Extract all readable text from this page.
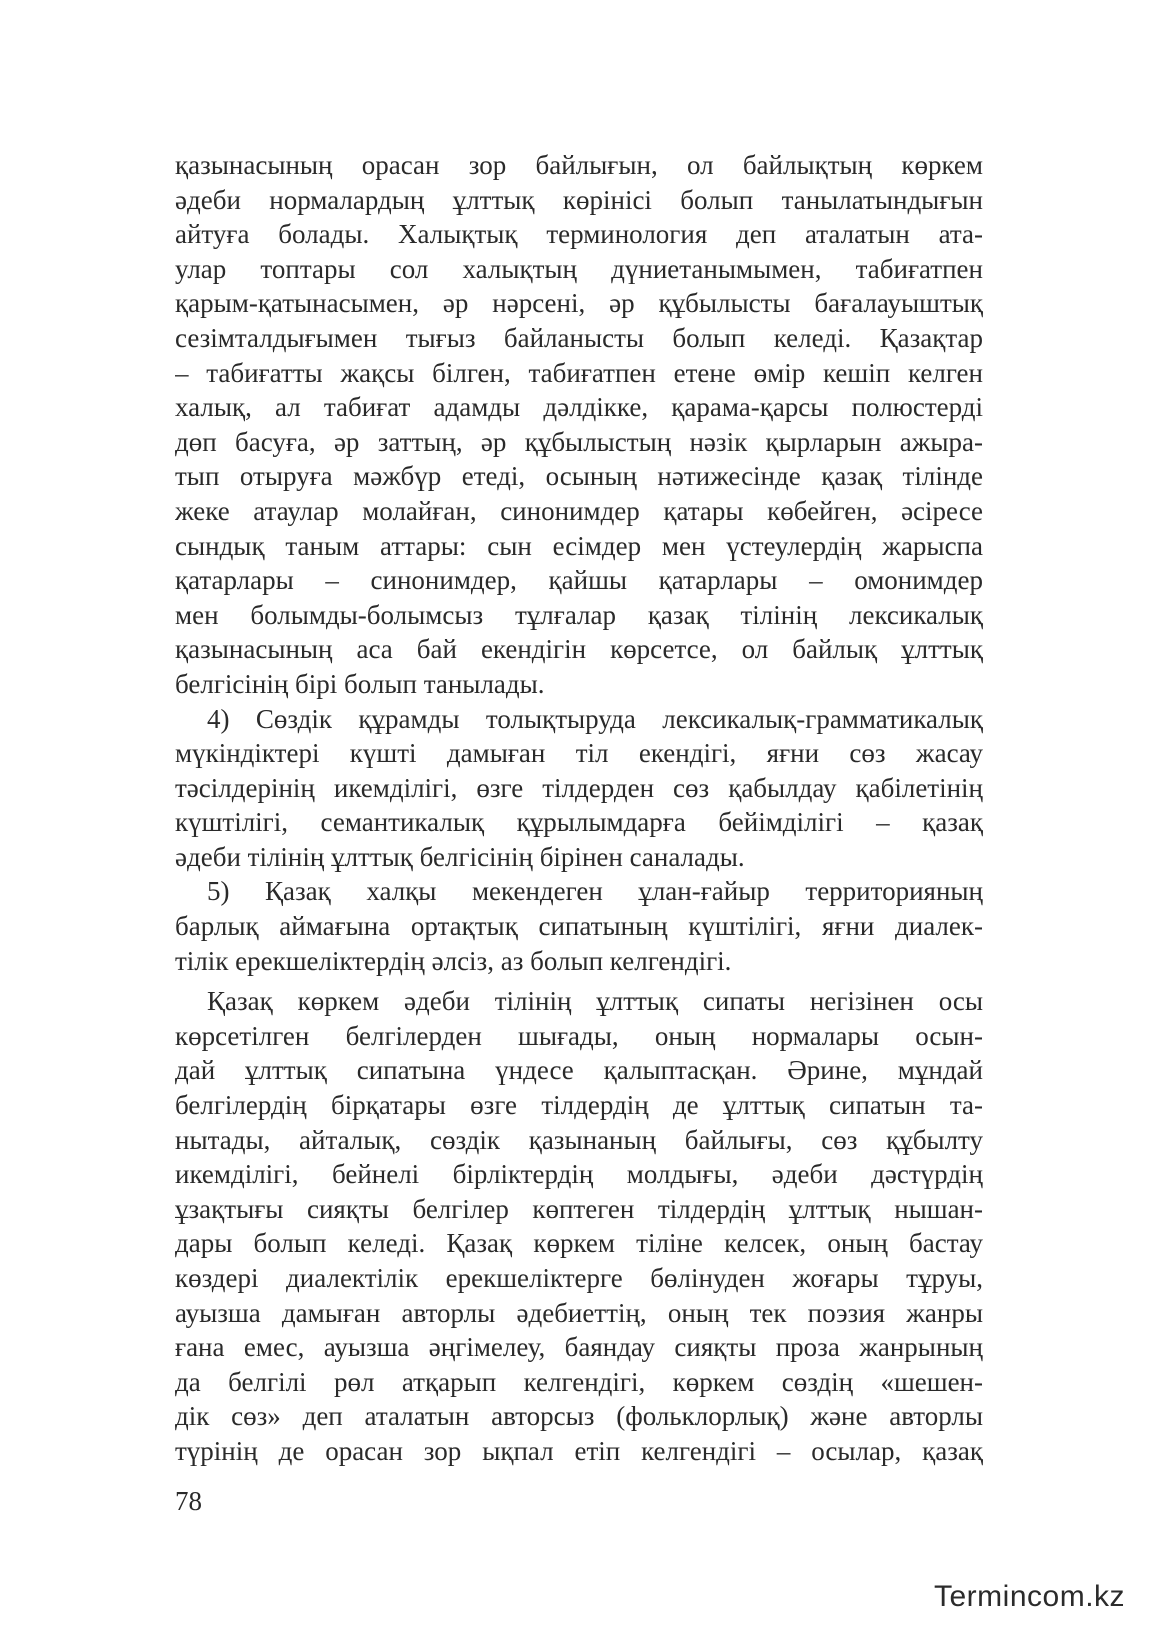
қазынасының орасан зор байлығын, ол байлықтың көркем
әдеби нормалардың ұлттық көрінісі болып танылатындығын
айтуға болады. Халықтық терминология деп аталатын ата-
улар топтары сол халықтың дүниетанымымен, табиғатпен
қарым-қатынасымен, әр нәрсені, әр құбылысты бағалауыштық
сезімталдығымен тығыз байланысты болып келеді. Қазақтар
– табиғатты жақсы білген, табиғатпен етене өмір кешіп келген
халық, ал табиғат адамды дәлдікке, қарама-қарсы полюстерді
дөп басуға, әр заттың, әр құбылыстың нәзік қырларын ажыра-
тып отыруға мәжбүр етеді, осының нәтижесінде қазақ тілінде
жеке атаулар молайған, синонимдер қатары көбейген, әсіресе
сындық таным аттары: сын есімдер мен үстеулердің жарыспа
қатарлары – синонимдер, қайшы қатарлары – омонимдер
мен болымды-болымсыз тұлғалар қазақ тілінің лексикалық
қазынасының аса бай екендігін көрсетсе, ол байлық ұлттық
белгісінің бірі болып танылады.
4) Сөздік құрамды толықтыруда лексикалық-грамматикалық
мүкіндіктері күшті дамыған тіл екендігі, яғни сөз жасау
тәсілдерінің икемділігі, өзге тілдерден сөз қабылдау қабілетінің
күштілігі, семантикалық құрылымдарға бейімділігі – қазақ
әдеби тілінің ұлттық белгісінің бірінен саналады.
5) Қазақ халқы мекендеген ұлан-ғайыр территорияның
барлық аймағына ортақтық сипатының күштілігі, яғни диалек-
тілік ерекшеліктердің әлсіз, аз болып келгендігі.
Қазақ көркем әдеби тілінің ұлттық сипаты негізінен осы
көрсетілген белгілерден шығады, оның нормалары осын-
дай ұлттық сипатына үндесе қалыптасқан. Әрине, мұндай
белгілердің бірқатары өзге тілдердің де ұлттық сипатын та-
нытады, айталық, сөздік қазынаның байлығы, сөз құбылту
икемділігі, бейнелі бірліктердің молдығы, әдеби дәстүрдің
ұзақтығы сияқты белгілер көптеген тілдердің ұлттық нышан-
дары болып келеді. Қазақ көркем тіліне келсек, оның бастау
көздері диалектілік ерекшеліктерге бөлінуден жоғары тұруы,
ауызша дамыған авторлы әдебиеттің, оның тек поэзия жанры
ғана емес, ауызша әңгімелеу, баяндау сияқты проза жанрының
да белгілі рөл атқарып келгендігі, көркем сөздің «шешен-
дік сөз» деп аталатын авторсыз (фольклорлық) және авторлы
түрінің де орасан зор ықпал етіп келгендігі – осылар, қазақ
78
Termincom.kz
